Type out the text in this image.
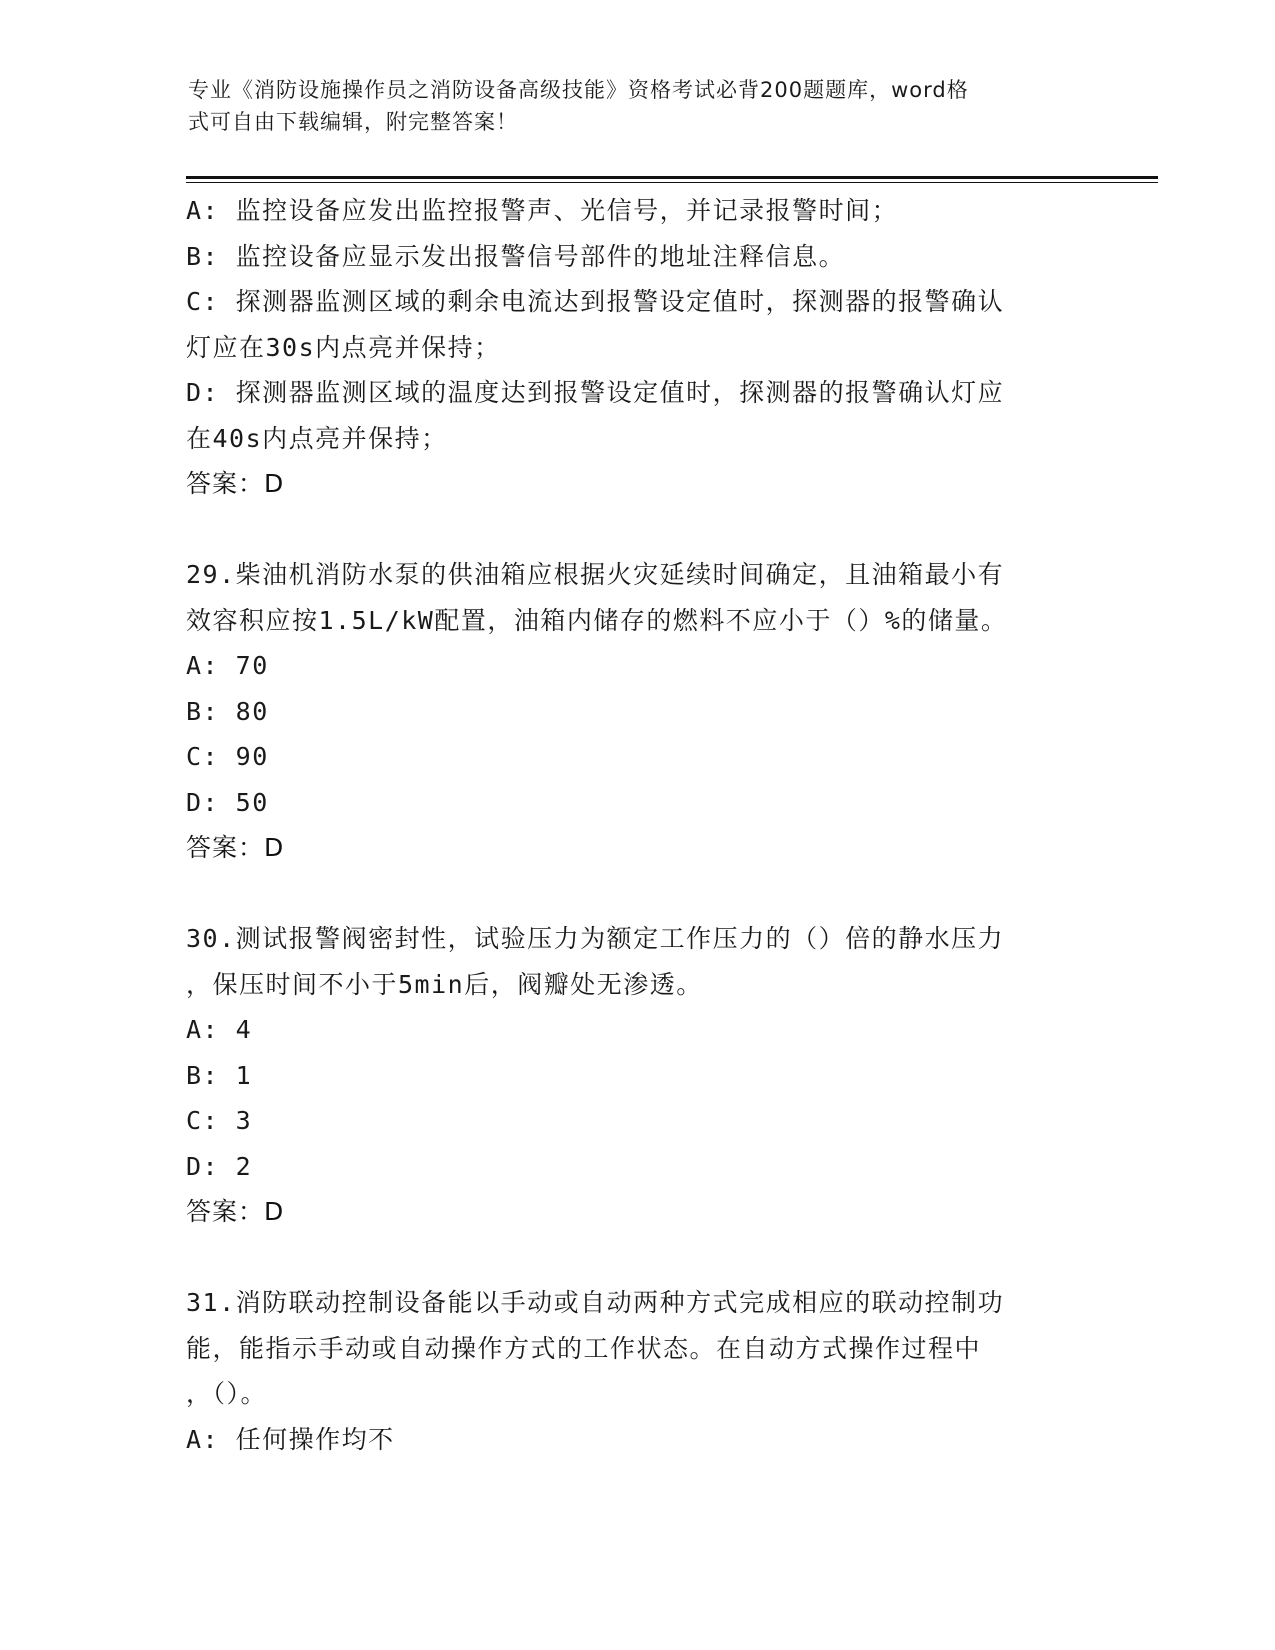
专业《消防设施操作员之消防设备高级技能》资格考试必背200题题库，word格
式可自由下载编辑，附完整答案！

A: 监控设备应发出监控报警声、光信号，并记录报警时间；

B: 监控设备应显示发出报警信号部件的地址注释信息。

C: 探测器监测区域的剩余电流达到报警设定值时，探测器的报警确认

灯应在30s内点亮并保持；

D: 探测器监测区域的温度达到报警设定值时，探测器的报警确认灯应

在40s内点亮并保持；

答案：D

29.柴油机消防水泵的供油箱应根据火灾延续时间确定，且油箱最小有

效容积应按1.5L/kW配置，油箱内储存的燃料不应小于（）%的储量。

A: 70

B: 80

C: 90

D: 50

答案：D

30.测试报警阀密封性，试验压力为额定工作压力的（）倍的静水压力

，保压时间不小于5min后，阀瓣处无渗透。

A: 4

B: 1

C: 3

D: 2

答案：D

31.消防联动控制设备能以手动或自动两种方式完成相应的联动控制功

能，能指示手动或自动操作方式的工作状态。在自动方式操作过程中

，（）。

A: 任何操作均不
